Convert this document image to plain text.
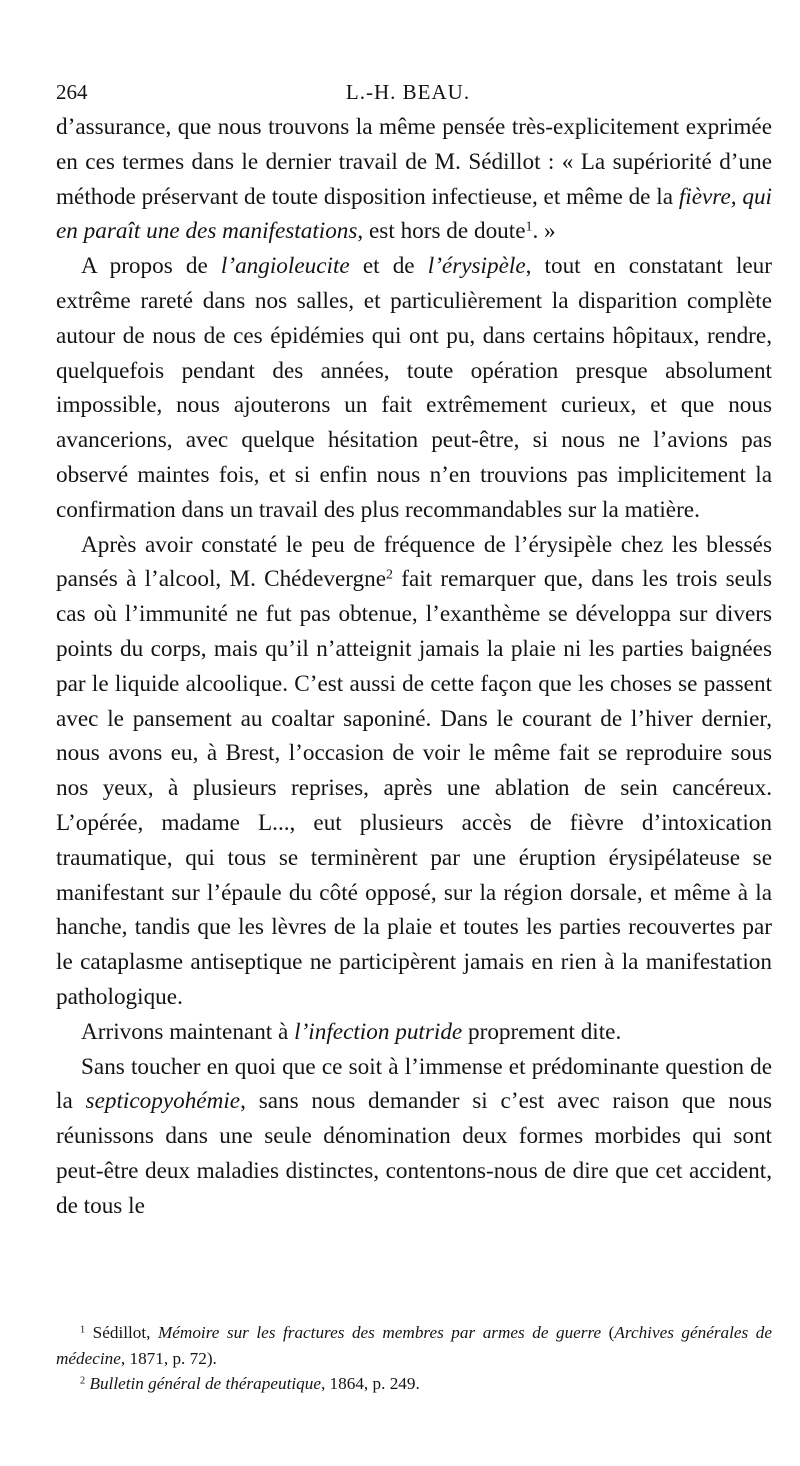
264	L.-H. BEAU.

d’assurance, que nous trouvons la même pensée très-explicitement exprimée en ces termes dans le dernier travail de M. Sédillot : « La supériorité d’une méthode préservant de toute disposition infectieuse, et même de la fièvre, qui en paraît une des manifestations, est hors de doute$^1$. »

A propos de l’angioleucite et de l’érysipèle, tout en constatant leur extrême rareté dans nos salles, et particulièrement la disparition complète autour de nous de ces épidémies qui ont pu, dans certains hôpitaux, rendre, quelquefois pendant des années, toute opération presque absolument impossible, nous ajouterons un fait extrêmement curieux, et que nous avancerions, avec quelque hésitation peut-être, si nous ne l’avions pas observé maintes fois, et si enfin nous n’en trouvions pas implicitement la confirmation dans un travail des plus recommandables sur la matière.

Après avoir constaté le peu de fréquence de l’érysipèle chez les blessés pansés à l’alcool, M. Chédevergne$^2$ fait remarquer que, dans les trois seuls cas où l’immunité ne fut pas obtenue, l’exanthème se développa sur divers points du corps, mais qu’il n’atteignit jamais la plaie ni les parties baignées par le liquide alcoolique. C’est aussi de cette façon que les choses se passent avec le pansement au coaltar saponiné. Dans le courant de l’hiver dernier, nous avons eu, à Brest, l’occasion de voir le même fait se reproduire sous nos yeux, à plusieurs reprises, après une ablation de sein cancéreux. L’opérée, madame L..., eut plusieurs accès de fièvre d’intoxication traumatique, qui tous se terminèrent par une éruption érysipélateuse se manifestant sur l’épaule du côté opposé, sur la région dorsale, et même à la hanche, tandis que les lèvres de la plaie et toutes les parties recouvertes par le cataplasme antiseptique ne participèrent jamais en rien à la manifestation pathologique.

Arrivons maintenant à l’infection putride proprement dite.

Sans toucher en quoi que ce soit à l’immense et prédominante question de la septicopyohémie, sans nous demander si c’est avec raison que nous réunissons dans une seule dénomination deux formes morbides qui sont peut-être deux maladies distinctes, contentons-nous de dire que cet accident, de tous le

$^1$ Sédillot, Mémoire sur les fractures des membres par armes de guerre (Archives générales de médecine, 1871, p. 72).

$^2$ Bulletin général de thérapeutique, 1864, p. 249.
